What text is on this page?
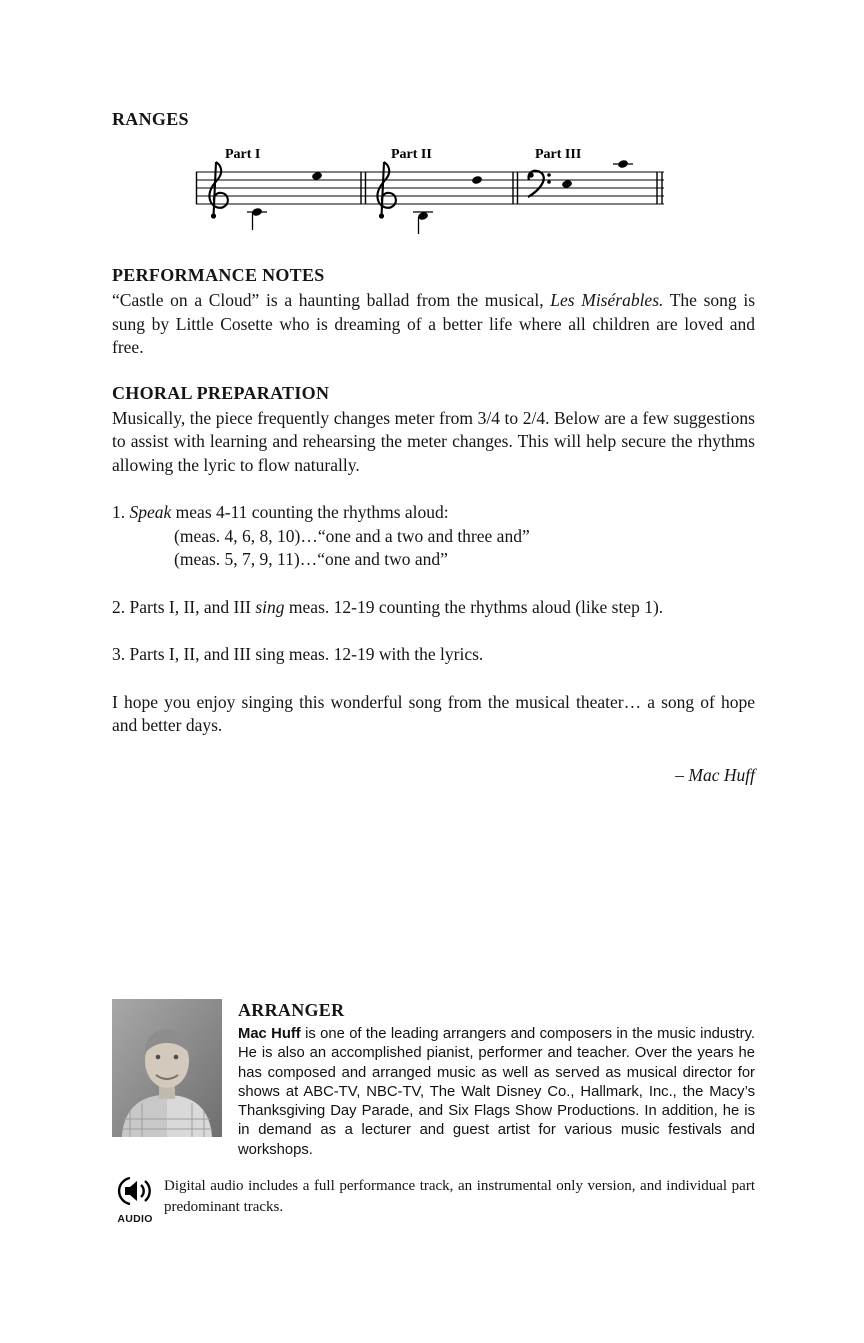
RANGES
Part I	Part II	Part III
PERFORMANCE NOTES

“Castle on a Cloud” is a haunting ballad from the musical, Les Misérables. The song is sung by Little Cosette who is dreaming of a better life where all children are loved and free.

CHORAL PREPARATION

Musically, the piece frequently changes meter from 3/4 to 2/4. Below are a few suggestions to assist with learning and rehearsing the meter changes. This will help secure the rhythms allowing the lyric to flow naturally.

1. Speak meas 4-11 counting the rhythms aloud:

(meas. 4, 6, 8, 10)…“one and a two and three and”

(meas. 5, 7, 9, 11)…“one and two and”

2. Parts I, II, and III sing meas. 12-19 counting the rhythms aloud (like step 1).

3. Parts I, II, and III sing meas. 12-19 with the lyrics.

I hope you enjoy singing this wonderful song from the musical theater… a song of hope and better days.

– Mac Huff
ARRANGER

Mac Huff is one of the leading arrangers and composers in the music industry. He is also an accomplished pianist, performer and teacher. Over the years he has composed and arranged music as well as served as musical director for shows at ABC-TV, NBC-TV, The Walt Disney Co., Hallmark, Inc., the Macy’s Thanksgiving Day Parade, and Six Flags Show Productions. In addition, he is in demand as a lecturer and guest artist for various music festivals and workshops.

AUDIO

Digital audio includes a full performance track, an instrumental only version, and individual part predominant tracks.
